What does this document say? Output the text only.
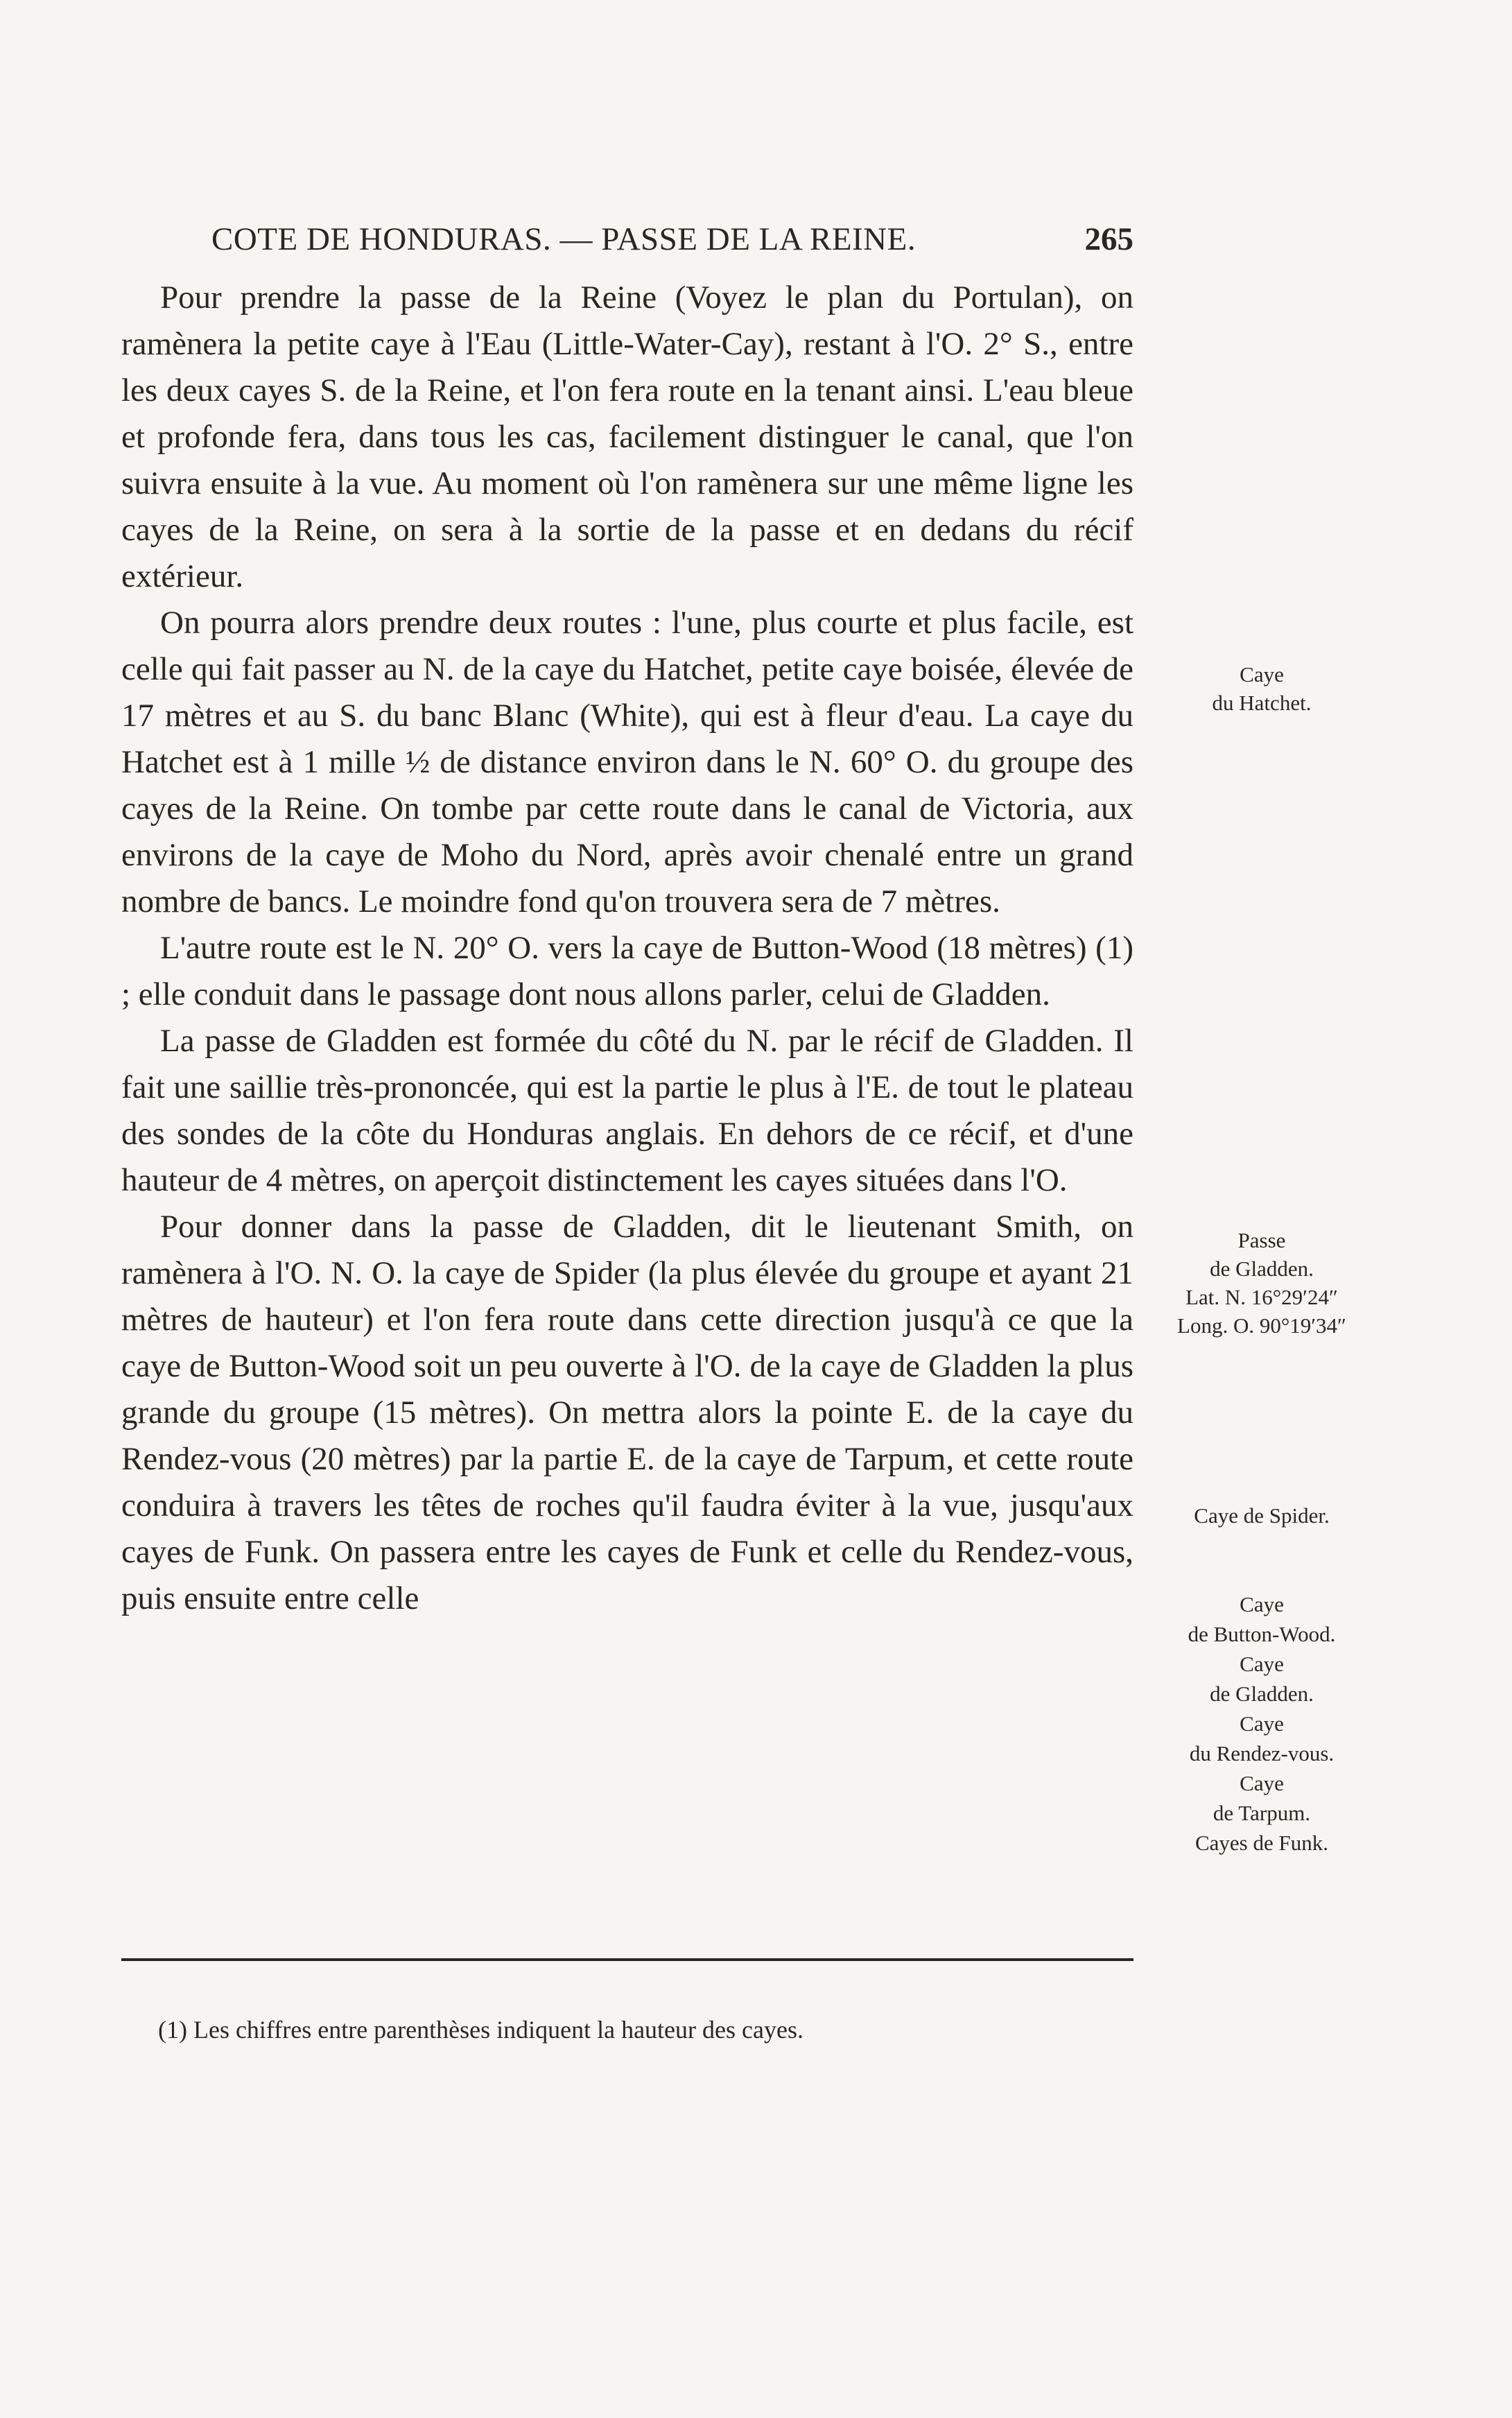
COTE DE HONDURAS. — PASSE DE LA REINE.	265

Pour prendre la passe de la Reine (Voyez le plan du Portulan), on ramènera la petite caye à l'Eau (Little-Water-Cay), restant à l'O. 2° S., entre les deux cayes S. de la Reine, et l'on fera route en la tenant ainsi. L'eau bleue et profonde fera, dans tous les cas, facilement distinguer le canal, que l'on suivra ensuite à la vue. Au moment où l'on ramènera sur une même ligne les cayes de la Reine, on sera à la sortie de la passe et en dedans du récif extérieur.

On pourra alors prendre deux routes : l'une, plus courte et plus facile, est celle qui fait passer au N. de la caye du Hatchet, petite caye boisée, élevée de 17 mètres et au S. du banc Blanc (White), qui est à fleur d'eau. La caye du Hatchet est à 1 mille ½ de distance environ dans le N. 60° O. du groupe des cayes de la Reine. On tombe par cette route dans le canal de Victoria, aux environs de la caye de Moho du Nord, après avoir chenalé entre un grand nombre de bancs. Le moindre fond qu'on trouvera sera de 7 mètres.

L'autre route est le N. 20° O. vers la caye de Button-Wood (18 mètres) (1) ; elle conduit dans le passage dont nous allons parler, celui de Gladden.

La passe de Gladden est formée du côté du N. par le récif de Gladden. Il fait une saillie très-prononcée, qui est la partie le plus à l'E. de tout le plateau des sondes de la côte du Honduras anglais. En dehors de ce récif, et d'une hauteur de 4 mètres, on aperçoit distinctement les cayes situées dans l'O.

Pour donner dans la passe de Gladden, dit le lieutenant Smith, on ramènera à l'O. N. O. la caye de Spider (la plus élevée du groupe et ayant 21 mètres de hauteur) et l'on fera route dans cette direction jusqu'à ce que la caye de Button-Wood soit un peu ouverte à l'O. de la caye de Gladden la plus grande du groupe (15 mètres). On mettra alors la pointe E. de la caye du Rendez-vous (20 mètres) par la partie E. de la caye de Tarpum, et cette route conduira à travers les têtes de roches qu'il faudra éviter à la vue, jusqu'aux cayes de Funk. On passera entre les cayes de Funk et celle du Rendez-vous, puis ensuite entre celle

Caye
du Hatchet.
Passe
de Gladden.
Lat. N. 16°29′24″
Long. O. 90°19′34″
Caye de Spider.
Caye
de Button-Wood.
Caye
de Gladden.
Caye
du Rendez-vous.
Caye
de Tarpum.
Cayes de Funk.
(1) Les chiffres entre parenthèses indiquent la hauteur des cayes.
